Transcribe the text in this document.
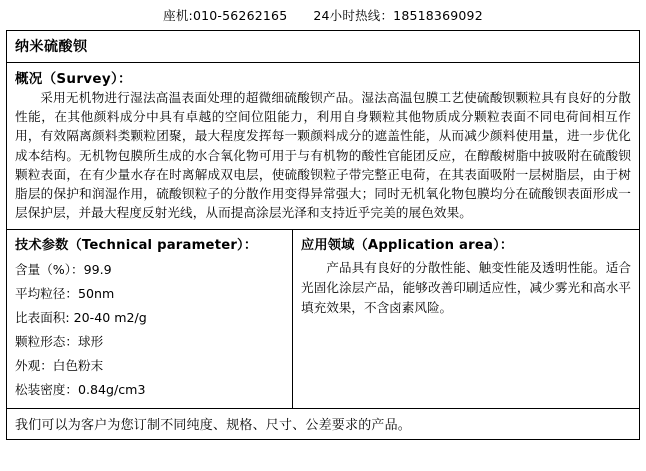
座机:010-56262165 24小时热线：18518369092
纳米硫酸钡
概况（Survey）：
采用无机物进行湿法高温表面处理的超微细硫酸钡产品。湿法高温包膜工艺使硫酸钡颗粒具有良好的分散性能，在其他颜料成分中具有卓越的空间位阻能力，利用自身颗粒其他物质成分颗粒表面不同电荷间相互作用，有效隔离颜料类颗粒团聚，最大程度发挥每一颗颜料成分的遮盖性能，从而减少颜料使用量，进一步优化成本结构。无机物包膜所生成的水合氧化物可用于与有机物的酸性官能团反应，在醇酸树脂中披吸附在硫酸钡颗粒表面，在有少量水存在时离解成双电层，使硫酸钡粒子带完整正电荷，在其表面吸附一层树脂层，由于树脂层的保护和润湿作用，硫酸钡粒子的分散作用变得异常强大；同时无机氧化物包膜均分在硫酸钡表面形成一层保护层，并最大程度反射光线，从而提高涂层光泽和支持近乎完美的展色效果。
技术参数（Technical parameter）：
含量（%）：99.9
平均粒径：50nm
比表面积: 20-40 m2/g
颗粒形态：球形
外观：白色粉末
松装密度：0.84g/cm3
应用领域（Application area）：
产品具有良好的分散性能、触变性能及透明性能。适合光固化涂层产品，能够改善印刷适应性，减少雾光和高水平填充效果，不含卤素风险。
我们可以为客户为您订制不同纯度、规格、尺寸、公差要求的产品。
